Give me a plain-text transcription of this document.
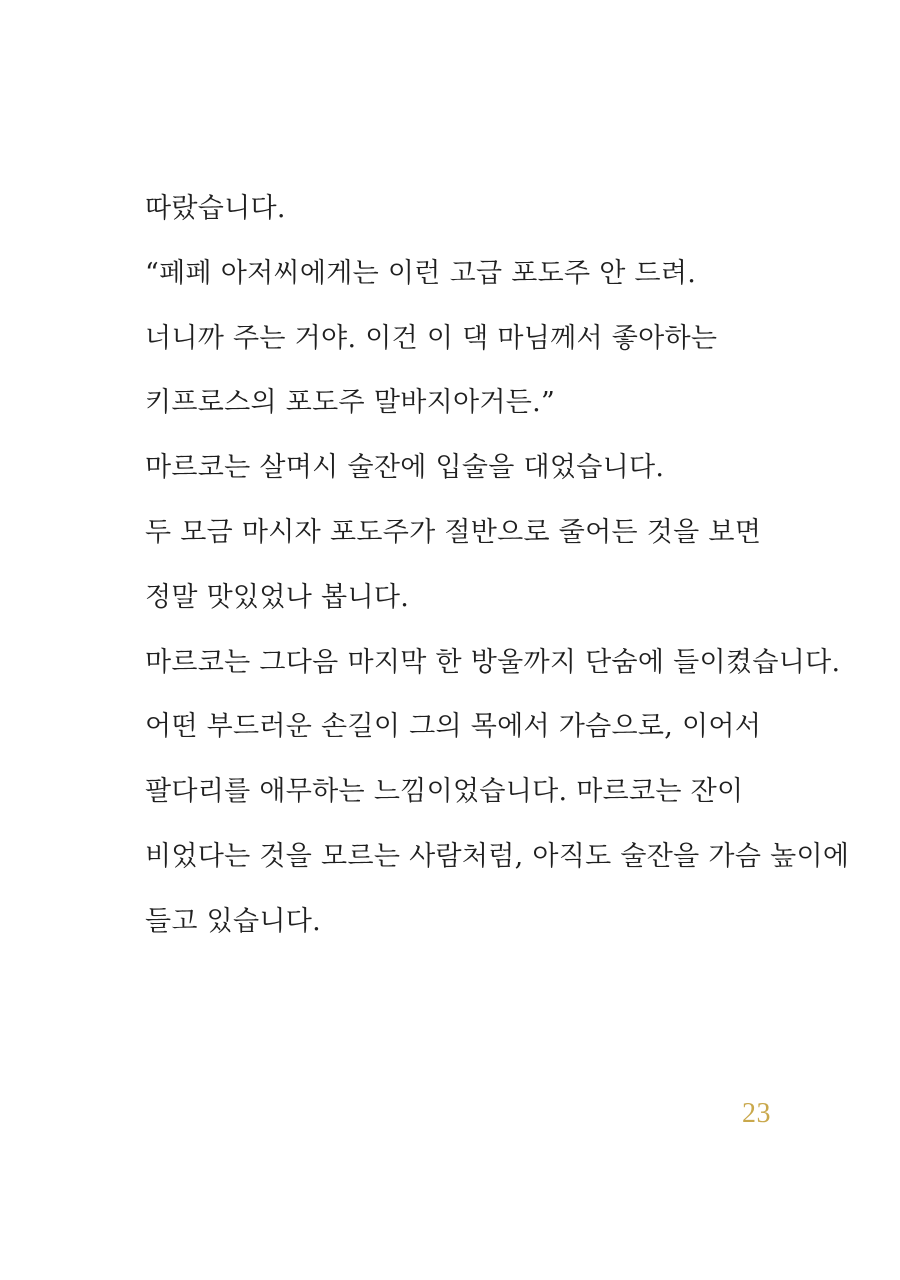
따랐습니다.
“페페 아저씨에게는 이런 고급 포도주 안 드려.
너니까 주는 거야. 이건 이 댁 마님께서 좋아하는
키프로스의 포도주 말바지아거든.”
마르코는 살며시 술잔에 입술을 대었습니다.
두 모금 마시자 포도주가 절반으로 줄어든 것을 보면
정말 맛있었나 봅니다.
마르코는 그다음 마지막 한 방울까지 단숨에 들이켰습니다.
어떤 부드러운 손길이 그의 목에서 가슴으로, 이어서
팔다리를 애무하는 느낌이었습니다. 마르코는 잔이
비었다는 것을 모르는 사람처럼, 아직도 술잔을 가슴 높이에
들고 있습니다.
23
